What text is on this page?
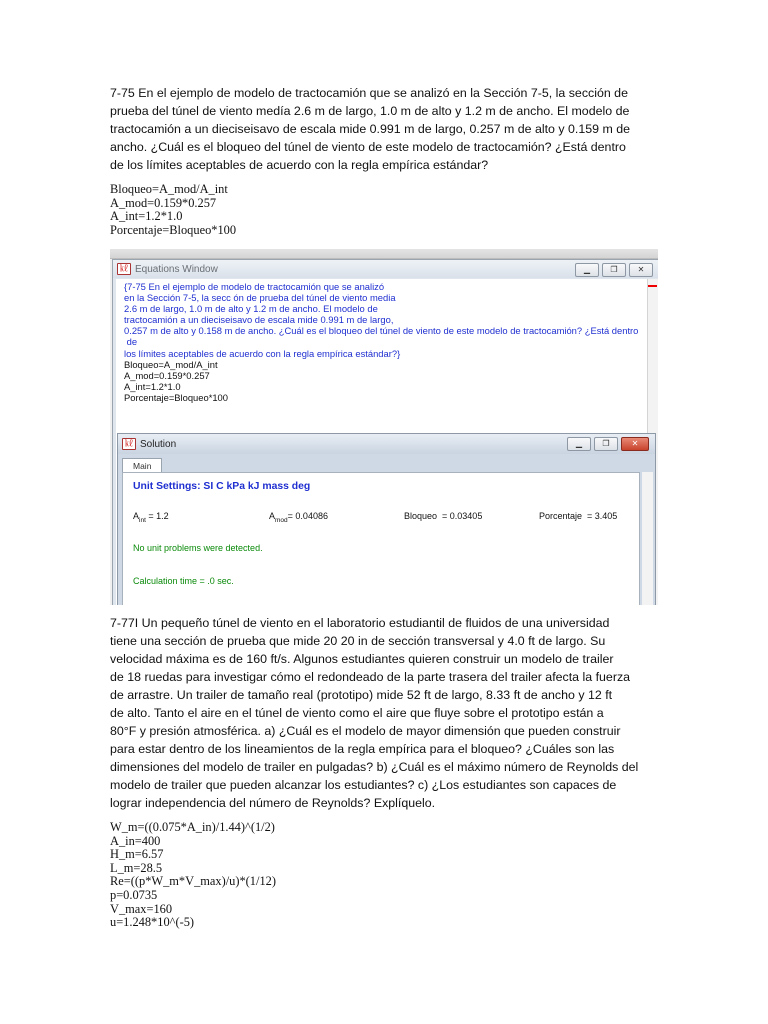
7-75 En el ejemplo de modelo de tractocamión que se analizó en la Sección 7-5, la sección de
prueba del túnel de viento medía 2.6 m de largo, 1.0 m de alto y 1.2 m de ancho. El modelo de
tractocamión a un dieciseisavo de escala mide 0.991 m de largo, 0.257 m de alto y 0.159 m de
ancho. ¿Cuál es el bloqueo del túnel de viento de este modelo de tractocamión? ¿Está dentro
de los límites aceptables de acuerdo con la regla empírica estándar?
Bloqueo=A_mod/A_int
A_mod=0.159*0.257
A_int=1.2*1.0
Porcentaje=Bloqueo*100
㎘ Equations Window	▁	❐	✕
{7-75 En el ejemplo de modelo de tractocamión que se analizó
en la Sección 7-5, la secc ón de prueba del túnel de viento media
2.6 m de largo, 1.0 m de alto y 1.2 m de ancho. El modelo de
tractocamión a un dieciseisavo de escala mide 0.991 m de largo,
0.257 m de alto y 0.158 m de ancho. ¿Cuál es el bloqueo del túnel de viento de este modelo de tractocamión? ¿Está dentro
de
los límites aceptables de acuerdo con la regla empírica estándar?}
Bloqueo=A_mod/A_int
A_mod=0.159*0.257
A_int=1.2*1.0
Porcentaje=Bloqueo*100
㎘ Solution	▁	❐	✕
Main
Unit Settings: SI C kPa kJ mass deg
$A_{int} = 1.2$	$A_{mod}= 0.04086$	Bloqueo  = 0.03405	Porcentaje  = 3.405
No unit problems were detected.
Calculation time = .0 sec.
7-77I Un pequeño túnel de viento en el laboratorio estudiantil de fluidos de una universidad
tiene una sección de prueba que mide 20 20 in de sección transversal y 4.0 ft de largo. Su
velocidad máxima es de 160 ft/s. Algunos estudiantes quieren construir un modelo de trailer
de 18 ruedas para investigar cómo el redondeado de la parte trasera del trailer afecta la fuerza
de arrastre. Un trailer de tamaño real (prototipo) mide 52 ft de largo, 8.33 ft de ancho y 12 ft
de alto. Tanto el aire en el túnel de viento como el aire que fluye sobre el prototipo están a
80°F y presión atmosférica. a) ¿Cuál es el modelo de mayor dimensión que pueden construir
para estar dentro de los lineamientos de la regla empírica para el bloqueo? ¿Cuáles son las
dimensiones del modelo de trailer en pulgadas? b) ¿Cuál es el máximo número de Reynolds del
modelo de trailer que pueden alcanzar los estudiantes? c) ¿Los estudiantes son capaces de
lograr independencia del número de Reynolds? Explíquelo.
W_m=((0.075*A_in)/1.44)^(1/2)
A_in=400
H_m=6.57
L_m=28.5
Re=((p*W_m*V_max)/u)*(1/12)
p=0.0735
V_max=160
u=1.248*10^(-5)
